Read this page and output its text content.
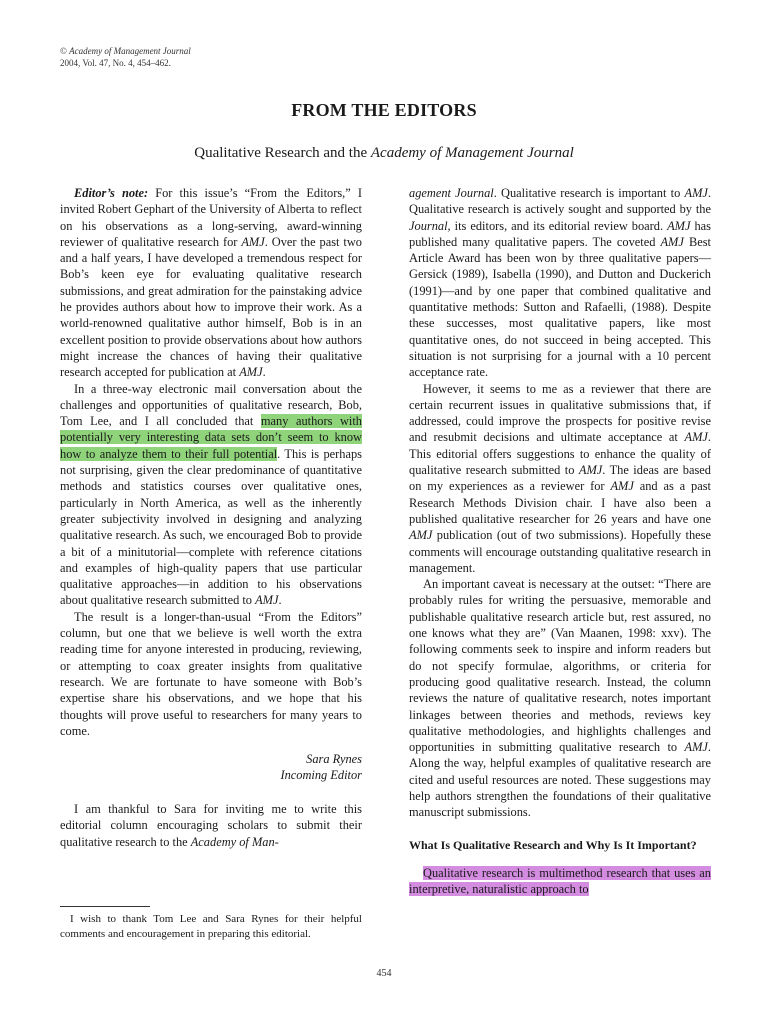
© Academy of Management Journal
2004, Vol. 47, No. 4, 454–462.
FROM THE EDITORS
Qualitative Research and the Academy of Management Journal

Editor’s note: For this issue’s “From the Editors,” I invited Robert Gephart of the University of Alberta to reflect on his observations as a long-serving, award-winning reviewer of qualitative research for AMJ. Over the past two and a half years, I have developed a tremendous respect for Bob’s keen eye for evaluating qualitative research submissions, and great admiration for the painstaking advice he provides authors about how to improve their work. As a world-renowned qualitative author himself, Bob is in an excellent position to provide observations about how authors might increase the chances of having their qualitative research accepted for publication at AMJ.

In a three-way electronic mail conversation about the challenges and opportunities of qualitative research, Bob, Tom Lee, and I all concluded that many authors with potentially very interesting data sets don’t seem to know how to analyze them to their full potential. This is perhaps not surprising, given the clear predominance of quantitative methods and statistics courses over qualitative ones, particularly in North America, as well as the inherently greater subjectivity involved in designing and analyzing qualitative research. As such, we encouraged Bob to provide a bit of a minitutorial—complete with reference citations and examples of high-quality papers that use particular qualitative approaches—in addition to his observations about qualitative research submitted to AMJ.

The result is a longer-than-usual “From the Editors” column, but one that we believe is well worth the extra reading time for anyone interested in producing, reviewing, or attempting to coax greater insights from qualitative research. We are fortunate to have someone with Bob’s expertise share his observations, and we hope that his thoughts will prove useful to researchers for many years to come.

Sara Rynes
Incoming Editor

I am thankful to Sara for inviting me to write this editorial column encouraging scholars to submit their qualitative research to the Academy of Man-

agement Journal. Qualitative research is important to AMJ. Qualitative research is actively sought and supported by the Journal, its editors, and its editorial review board. AMJ has published many qualitative papers. The coveted AMJ Best Article Award has been won by three qualitative papers—Gersick (1989), Isabella (1990), and Dutton and Duckerich (1991)—and by one paper that combined qualitative and quantitative methods: Sutton and Rafaelli, (1988). Despite these successes, most qualitative papers, like most quantitative ones, do not succeed in being accepted. This situation is not surprising for a journal with a 10 percent acceptance rate.

However, it seems to me as a reviewer that there are certain recurrent issues in qualitative submissions that, if addressed, could improve the prospects for positive revise and resubmit decisions and ultimate acceptance at AMJ. This editorial offers suggestions to enhance the quality of qualitative research submitted to AMJ. The ideas are based on my experiences as a reviewer for AMJ and as a past Research Methods Division chair. I have also been a published qualitative researcher for 26 years and have one AMJ publication (out of two submissions). Hopefully these comments will encourage outstanding qualitative research in management.

An important caveat is necessary at the outset: “There are probably rules for writing the persuasive, memorable and publishable qualitative research article but, rest assured, no one knows what they are” (Van Maanen, 1998: xxv). The following comments seek to inspire and inform readers but do not specify formulae, algorithms, or criteria for producing good qualitative research. Instead, the column reviews the nature of qualitative research, notes important linkages between theories and methods, reviews key qualitative methodologies, and highlights challenges and opportunities in submitting qualitative research to AMJ. Along the way, helpful examples of qualitative research are cited and useful resources are noted. These suggestions may help authors strengthen the foundations of their qualitative manuscript submissions.

What Is Qualitative Research and Why Is It Important?

Qualitative research is multimethod research that uses an interpretive, naturalistic approach to

I wish to thank Tom Lee and Sara Rynes for their helpful comments and encouragement in preparing this editorial.
454
